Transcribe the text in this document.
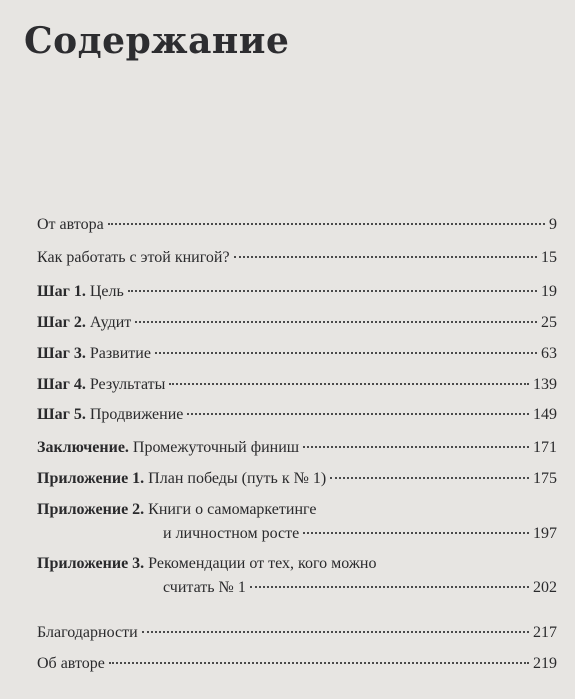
Содержание
От автора	9
Как работать с этой книгой?	15
Шаг 1. Цель	19
Шаг 2. Аудит	25
Шаг 3. Развитие	63
Шаг 4. Результаты	139
Шаг 5. Продвижение	149
Заключение. Промежуточный финиш	171
Приложение 1. План победы (путь к № 1)	175
Приложение 2. Книги о самомаркетинге
и личностном росте	197
Приложение 3. Рекомендации от тех, кого можно
считать № 1	202
Благодарности	217
Об авторе	219
